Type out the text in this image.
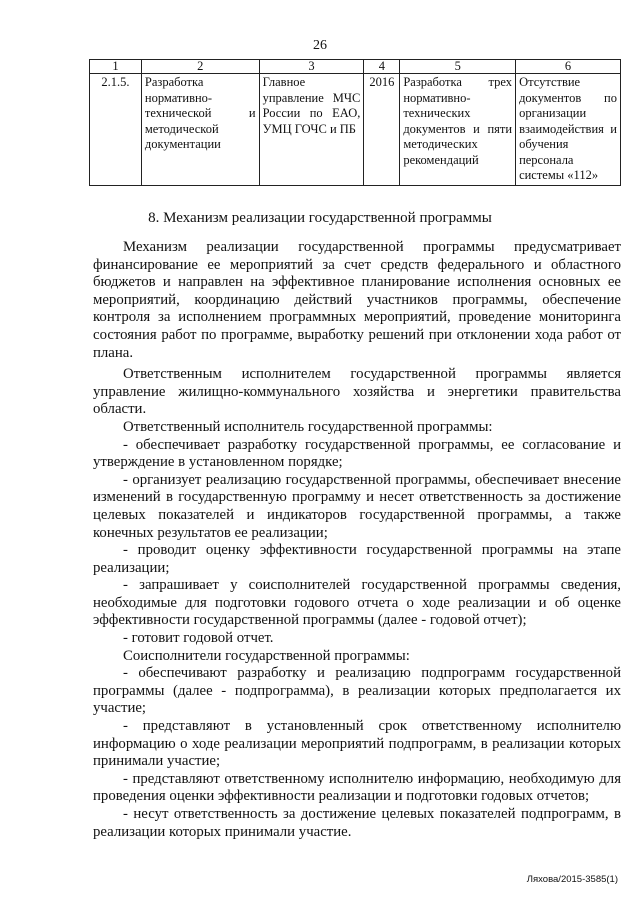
26
1	2	3	4	5	6
2.1.5.	Разработка нормативно-технической и методической документации	Главное управление МЧС России по ЕАО, УМЦ ГОЧС и ПБ	2016	Разработка трех нормативно-технических документов и пяти методических рекомендаций	Отсутствие документов по организации взаимодействия и обучения персонала системы «112»
8. Механизм реализации государственной программы

Механизм реализации государственной программы предусматривает финансирование ее мероприятий за счет средств федерального и областного бюджетов и направлен на эффективное планирование исполнения основных ее мероприятий, координацию действий участников программы, обеспечение контроля за исполнением программных мероприятий, проведение мониторинга состояния работ по программе, выработку решений при отклонении хода работ от плана.

Ответственным исполнителем государственной программы является управление жилищно-коммунального хозяйства и энергетики правительства области.

Ответственный исполнитель государственной программы:

- обеспечивает разработку государственной программы, ее согласование и утверждение в установленном порядке;

- организует реализацию государственной программы, обеспечивает внесение изменений в государственную программу и несет ответственность за достижение целевых показателей и индикаторов государственной программы, а также конечных результатов ее реализации;

- проводит оценку эффективности государственной программы на этапе реализации;

- запрашивает у соисполнителей государственной программы сведения, необходимые для подготовки годового отчета о ходе реализации и об оценке эффективности государственной программы (далее - годовой отчет);

- готовит годовой отчет.

Соисполнители государственной программы:

- обеспечивают разработку и реализацию подпрограмм государственной программы (далее - подпрограмма), в реализации которых предполагается их участие;

- представляют в установленный срок ответственному исполнителю информацию о ходе реализации мероприятий подпрограмм, в реализации которых принимали участие;

- представляют ответственному исполнителю информацию, необходимую для проведения оценки эффективности реализации и подготовки годовых отчетов;

- несут ответственность за достижение целевых показателей подпрограмм, в реализации которых принимали участие.

Ляхова/2015-3585(1)
